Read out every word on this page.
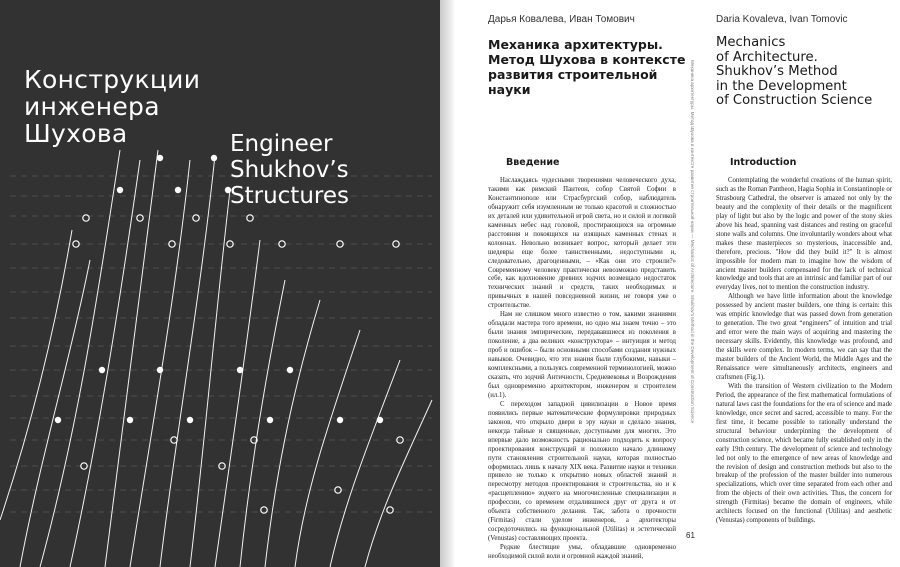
Конструкции
инженера
Шухова	Engineer
Shukhov’s
Structures
Дарья Ковалева, Иван Томович	Daria Kovaleva, Ivan Tomovic
Механика архитектуры.
Метод Шухова в контексте
развития строительной
науки
Mechanics
of Architecture.
Shukhov’s Method
in the Development
of Construction Science
Введение	Introduction

Наслаждаясь чудесными творениями человеческого духа, такими как римский Пантеон, собор Святой Софии в Константинополе или Страсбургский собор, наблюдатель обнаружит себя изумленным не только красотой и сложностью их деталей или удивительной игрой света, но и силой и логикой каменных небес над головой, простирающихся на огромные расстояния и покоящихся на изящных каменных стенах и колоннах. Невольно возникает вопрос, который делает эти шедевры еще более таинственными, недоступными и, следовательно, драгоценными, – «Как они это строили?» Современному человеку практически невозможно представить себе, как вдохновение древних зодчих возмещало недостаток технических знаний и средств, таких необходимых и привычных в нашей повседневной жизни, не говоря уже о строительстве.

Нам не слишком много известно о том, какими знаниями обладали мастера того времени, но одно мы знаем точно – это были знания эмпирические, передававшиеся из поколения в поколение, а два великих «конструктора» – интуиция и метод проб и ошибок – были основными способами создания нужных навыков. Очевидно, что эти знания были глубокими, навыки – комплексными, а пользуясь современной терминологией, можно сказать, что зодчий Античности, Средневековья и Возрождения был одновременно архитектором, инженером и строителем (ил.1).

С переходом западной цивилизации в Новое время появились первые математические формулировки природных законов, что открыло двери в эру науки и сделало знания, некогда тайные и священные, доступными для многих. Это впервые дало возможность рационально подходить к вопросу проектирования конструкций и положило начало длинному пути становления строительной науки, которая полностью оформилась лишь к началу XIX века. Развитие науки и техники привело не только к открытию новых областей знаний и пересмотру методов проектирования и строительства, но и к «расщеплению» зодчего на многочисленные специализации и профессии, со временем отдалившиеся друг от друга и от объекта собственного делания. Так, забота о прочности (Firmitas) стали уделом инженеров, а архитекторы сосредоточились на функциональной (Utilitas) и эстетической (Venustas) составляющих проекта.

Редкие блестящие умы, обладавшие одновременно необходимой силой воли и огромной жаждой знаний,

Механика архитектуры. Метод Шухова в контексте развития строительной науки — Mechanics of Architecture. Shukhov’s Method in the Development of Construction Science	Contemplating the wonderful creations of the human spirit, such as the Roman Pantheon, Hagia Sophia in Constantinople or Strasbourg Cathedral, the observer is amazed not only by the beauty and the complexity of their details or the magnificent play of light but also by the logic and power of the stony skies above his head, spanning vast distances and resting on graceful stone walls and columns. One involuntarily wonders about what makes these masterpieces so mysterious, inaccessible and, therefore, precious. "How did they build it?" It is almost impossible for modern man to imagine how the wisdom of ancient master builders compensated for the lack of technical knowledge and tools that are an intrinsic and familiar part of our everyday lives, not to mention the construction industry.

Although we have little information about the knowledge possessed by ancient master builders, one thing is certain: this was empiric knowledge that was passed down from generation to generation. The two great “engineers” of intuition and trial and error were the main ways of acquiring and mastering the necessary skills. Evidently, this knowledge was profound, and the skills were complex. In modern terms, we can say that the master builders of the Ancient World, the Middle Ages and the Renaissance were simultaneously architects, engineers and craftsmen (Fig.1).

With the transition of Western civilization to the Modern Period, the appearance of the first mathematical formulations of natural laws cast the foundations for the era of science and made knowledge, once secret and sacred, accessible to many. For the first time, it became possible to rationally understand the structural behaviour underpinning the development of construction science, which became fully established only in the early 19th century. The development of science and technology led not only to the emergence of new areas of knowledge and the revision of design and construction methods but also to the breakup of the profession of the master builder into numerous specializations, which over time separated from each other and from the objects of their own activities. Thus, the concern for strength (Firmitas) became the domain of engineers, while architects focused on the functional (Utilitas) and aesthetic (Venustas) components of buildings.

61
